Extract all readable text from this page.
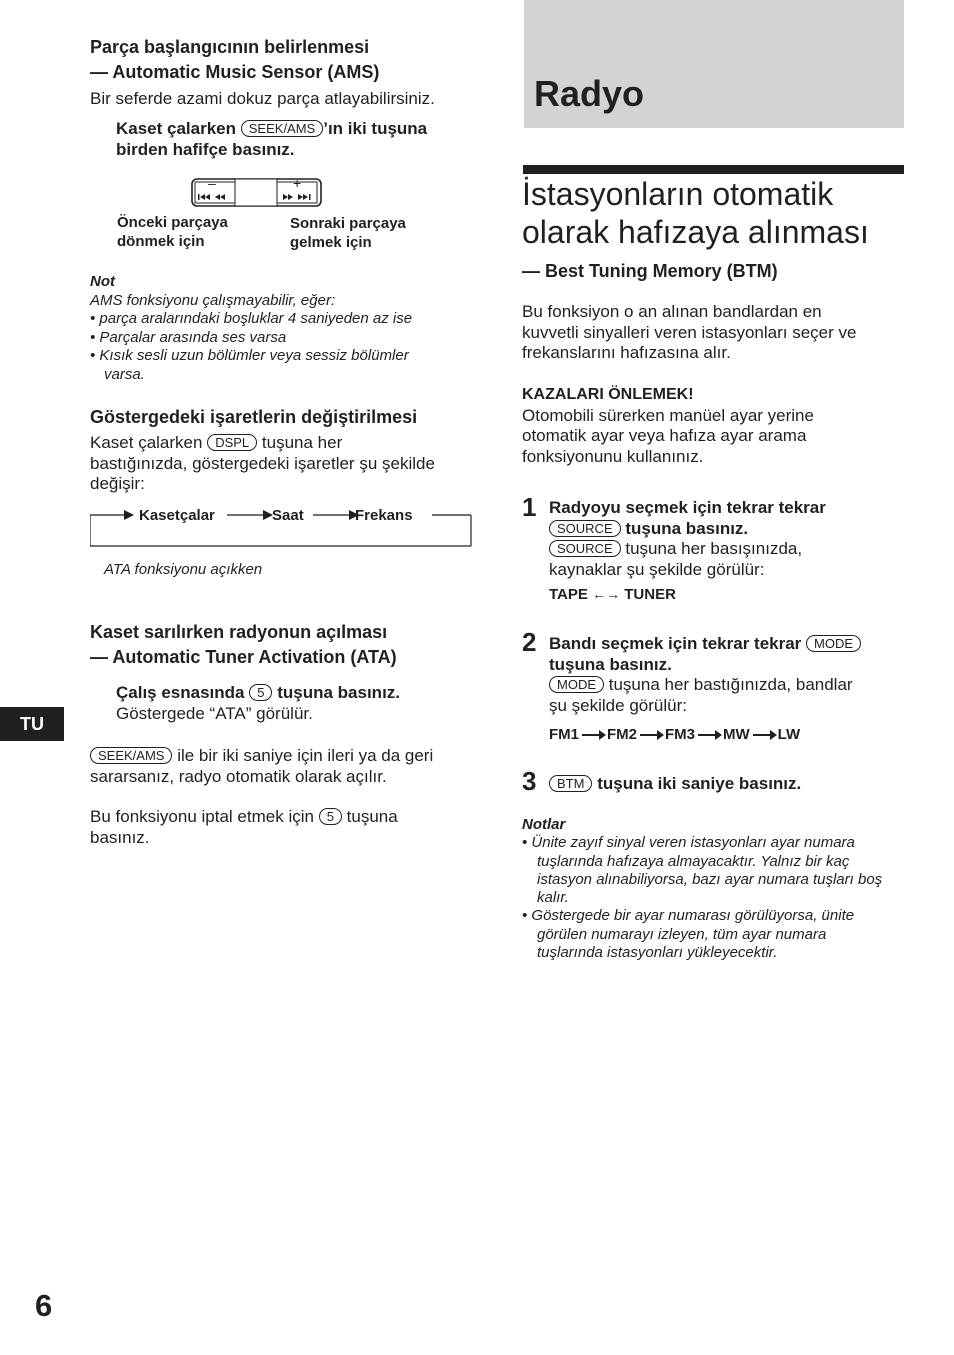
Parça başlangıcının belirlenmesi
— Automatic Music Sensor (AMS)
Bir seferde azami dokuz parça atlayabilirsiniz.
Kaset çalarken SEEK/AMS ’ın iki tuşuna
birden hafifçe basınız.
–	+
Önceki parçaya
dönmek için
Sonraki parçaya
gelmek için
Not
AMS fonksiyonu çalışmayabilir, eğer:
• parça aralarındaki boşluklar 4 saniyeden az ise
• Parçalar arasında ses varsa
• Kısık sesli uzun bölümler veya sessiz bölümler
varsa.
Göstergedeki işaretlerin değiştirilmesi
Kaset çalarken DSPL tuşuna her
bastığınızda, göstergedeki işaretler şu şekilde
değişir:
Kasetçalar	Saat	Frekans
ATA fonksiyonu açıkken
Kaset sarılırken radyonun açılması
— Automatic Tuner Activation (ATA)
Çalış esnasında 5 tuşuna basınız.
Göstergede “ATA” görülür.
SEEK/AMS ile bir iki saniye için ileri ya da geri
sararsanız, radyo otomatik olarak açılır.
Bu fonksiyonu iptal etmek için 5 tuşuna
basınız.
TU
6
Radyo
İstasyonların otomatik
olarak hafızaya alınması
— Best Tuning Memory (BTM)
Bu fonksiyon o an alınan bandlardan en
kuvvetli sinyalleri veren istasyonları seçer ve
frekanslarını hafızasına alır.
KAZALARI ÖNLEMEK!
Otomobili sürerken manüel ayar yerine
otomatik ayar veya hafıza ayar arama
fonksiyonunu kullanınız.
1 Radyoyu seçmek için tekrar tekrar
SOURCE tuşuna basınız.
SOURCE tuşuna her basışınızda,
kaynaklar şu şekilde görülür:
TAPE ←→ TUNER
2 Bandı seçmek için tekrar tekrar MODE
tuşuna basınız.
MODE tuşuna her bastığınızda, bandlar
şu şekilde görülür:
FM1 FM2 FM3 MW LW
3	BTM tuşuna iki saniye basınız.
Notlar
• Ünite zayıf sinyal veren istasyonları ayar numara
tuşlarında hafızaya almayacaktır. Yalnız bir kaç
istasyon alınabiliyorsa, bazı ayar numara tuşları boş
kalır.
• Göstergede bir ayar numarası görülüyorsa, ünite
görülen numarayı izleyen, tüm ayar numara
tuşlarında istasyonları yükleyecektir.
